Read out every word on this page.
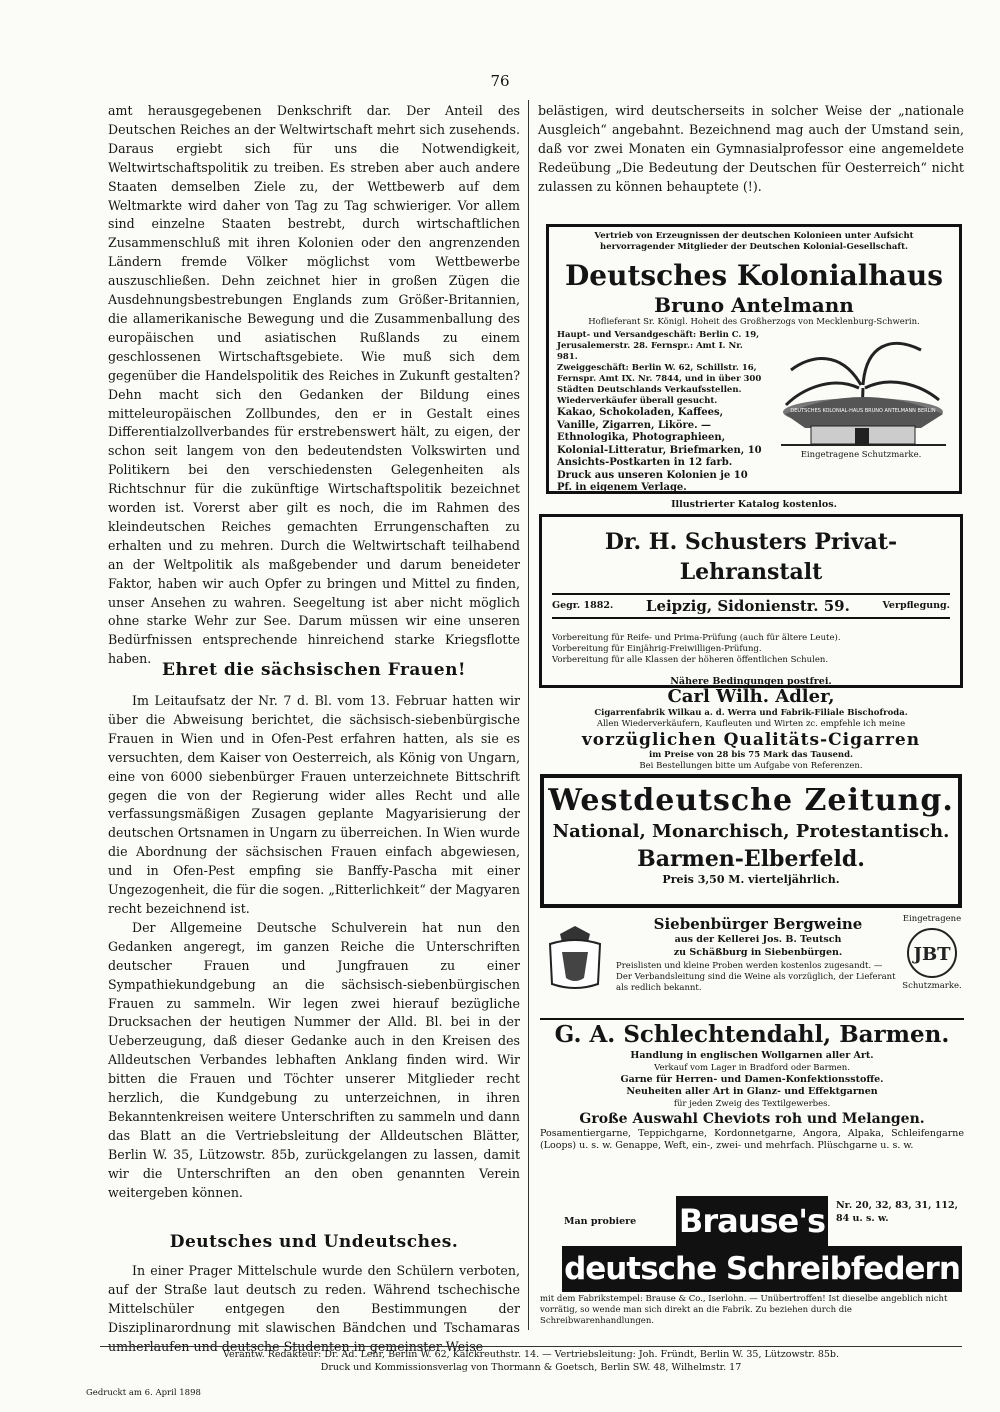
76

amt herausgegebenen Denkschrift dar. Der Anteil des Deutschen Reiches an der Weltwirtschaft mehrt sich zusehends. Daraus ergiebt sich für uns die Notwendigkeit, Weltwirtschaftspolitik zu treiben. Es streben aber auch andere Staaten demselben Ziele zu, der Wettbewerb auf dem Weltmarkte wird daher von Tag zu Tag schwieriger. Vor allem sind einzelne Staaten bestrebt, durch wirtschaftlichen Zusammenschluß mit ihren Kolonien oder den angrenzenden Ländern fremde Völker möglichst vom Wettbewerbe auszuschließen. Dehn zeichnet hier in großen Zügen die Ausdehnungsbestrebungen Englands zum Größer-Britannien, die allamerikanische Bewegung und die Zusammenballung des europäischen und asiatischen Rußlands zu einem geschlossenen Wirtschaftsgebiete. Wie muß sich dem gegenüber die Handelspolitik des Reiches in Zukunft gestalten? Dehn macht sich den Gedanken der Bildung eines mitteleuropäischen Zollbundes, den er in Gestalt eines Differentialzollverbandes für erstrebenswert hält, zu eigen, der schon seit langem von den bedeutendsten Volkswirten und Politikern bei den verschiedensten Gelegenheiten als Richtschnur für die zukünftige Wirtschaftspolitik bezeichnet worden ist. Vorerst aber gilt es noch, die im Rahmen des kleindeutschen Reiches gemachten Errungenschaften zu erhalten und zu mehren. Durch die Weltwirtschaft teilhabend an der Weltpolitik als maßgebender und darum beneideter Faktor, haben wir auch Opfer zu bringen und Mittel zu finden, unser Ansehen zu wahren. Seegeltung ist aber nicht möglich ohne starke Wehr zur See. Darum müssen wir eine unseren Bedürfnissen entsprechende hinreichend starke Kriegsflotte haben.

Ehret die sächsischen Frauen!

Im Leitaufsatz der Nr. 7 d. Bl. vom 13. Februar hatten wir über die Abweisung berichtet, die sächsisch-siebenbürgische Frauen in Wien und in Ofen-Pest erfahren hatten, als sie es versuchten, dem Kaiser von Oesterreich, als König von Ungarn, eine von 6000 siebenbürger Frauen unterzeichnete Bittschrift gegen die von der Regierung wider alles Recht und alle verfassungsmäßigen Zusagen geplante Magyarisierung der deutschen Ortsnamen in Ungarn zu überreichen. In Wien wurde die Abordnung der sächsischen Frauen einfach abgewiesen, und in Ofen-Pest empfing sie Banffy-Pascha mit einer Ungezogenheit, die für die sogen. „Ritterlichkeit“ der Magyaren recht bezeichnend ist.

Der Allgemeine Deutsche Schulverein hat nun den Gedanken angeregt, im ganzen Reiche die Unterschriften deutscher Frauen und Jungfrauen zu einer Sympathiekundgebung an die sächsisch-siebenbürgischen Frauen zu sammeln. Wir legen zwei hierauf bezügliche Drucksachen der heutigen Nummer der Alld. Bl. bei in der Ueberzeugung, daß dieser Gedanke auch in den Kreisen des Alldeutschen Verbandes lebhaften Anklang finden wird. Wir bitten die Frauen und Töchter unserer Mitglieder recht herzlich, die Kundgebung zu unterzeichnen, in ihren Bekanntenkreisen weitere Unterschriften zu sammeln und dann das Blatt an die Vertriebsleitung der Alldeutschen Blätter, Berlin W. 35, Lützowstr. 85b, zurückgelangen zu lassen, damit wir die Unterschriften an den oben genannten Verein weitergeben können.

Deutsches und Undeutsches.

In einer Prager Mittelschule wurde den Schülern verboten, auf der Straße laut deutsch zu reden. Während tschechische Mittelschüler entgegen den Bestimmungen der Disziplinarordnung mit slawischen Bändchen und Tschamaras umherlaufen und deutsche Studenten in gemeinster Weise

belästigen, wird deutscherseits in solcher Weise der „nationale Ausgleich“ angebahnt. Bezeichnend mag auch der Umstand sein, daß vor zwei Monaten ein Gymnasialprofessor eine angemeldete Redeübung „Die Bedeutung der Deutschen für Oesterreich“ nicht zulassen zu können behauptete (!).

Vertrieb von Erzeugnissen der deutschen Kolonieen unter Aufsicht hervorragender Mitglieder der Deutschen Kolonial-Gesellschaft.
Deutsches Kolonialhaus
Bruno Antelmann
Hoflieferant Sr. Königl. Hoheit des Großherzogs von Mecklenburg-Schwerin.
Haupt- und Versandgeschäft: Berlin C. 19, Jerusalemerstr. 28. Fernspr.: Amt I. Nr. 981.
Zweiggeschäft: Berlin W. 62, Schillstr. 16, Fernspr. Amt IX. Nr. 7844, und in über 300 Städten Deutschlands Verkaufsstellen.
Wiederverkäufer überall gesucht.
Kakao, Schokoladen, Kaffees, Vanille, Zigarren, Liköre. — Ethnologika, Photographieen, Kolonial-Litteratur, Briefmarken, 10 Ansichts-Postkarten in 12 farb. Druck aus unseren Kolonien je 10 Pf. in eigenem Verlage.
DEUTSCHES KOLONIAL-HAUS BRUNO ANTELMANN BERLIN
Eingetragene Schutzmarke.
Illustrierter Katalog kostenlos.
Dr. H. Schusters Privat-Lehranstalt
Gegr. 1882. Leipzig, Sidonienstr. 59.	Verpflegung.
Vorbereitung für Reife- und Prima-Prüfung (auch für ältere Leute).
Vorbereitung für Einjährig-Freiwilligen-Prüfung.
Vorbereitung für alle Klassen der höheren öffentlichen Schulen.
Nähere Bedingungen postfrei.
Carl Wilh. Adler,
Cigarrenfabrik Wilkau a. d. Werra und Fabrik-Filiale Bischofroda.
Allen Wiederverkäufern, Kaufleuten und Wirten zc. empfehle ich meine
vorzüglichen Qualitäts-Cigarren
im Preise von 28 bis 75 Mark das Tausend.
Bei Bestellungen bitte um Aufgabe von Referenzen.
Westdeutsche Zeitung.
National, Monarchisch, Protestantisch.
Barmen-Elberfeld.
Preis 3,50 M. vierteljährlich.
Siebenbürger Bergweine
aus der Kellerei Jos. B. Teutsch
zu Schäßburg in Siebenbürgen.
Preislisten und kleine Proben werden kostenlos zugesandt. — Der Verbandsleitung sind die Weine als vorzüglich, der Lieferant als redlich bekannt.
Eingetragene
JBT
Schutzmarke.
G. A. Schlechtendahl, Barmen.
Handlung in englischen Wollgarnen aller Art.
Verkauf vom Lager in Bradford oder Barmen.
Garne für Herren- und Damen-Konfektionsstoffe.
Neuheiten aller Art in Glanz- und Effektgarnen
für jeden Zweig des Textilgewerbes.
Große Auswahl Cheviots roh und Melangen.
Posamentiergarne, Teppichgarne, Kordonnetgarne, Angora, Alpaka, Schleifengarne (Loops) u. s. w. Genappe, Weft, ein-, zwei- und mehrfach. Plüschgarne u. s. w.
Man probiere Brause's	Nr. 20, 32, 83, 31, 112, 84 u. s. w.
deutsche Schreibfedern
mit dem Fabrikstempel: Brause & Co., Iserlohn. — Unübertroffen! Ist dieselbe angeblich nicht vorrätig, so wende man sich direkt an die Fabrik. Zu beziehen durch die Schreibwarenhandlungen.
Verantw. Redakteur: Dr. Ad. Lehr, Berlin W. 62, Kalckreuthstr. 14. — Vertriebsleitung: Joh. Fründt, Berlin W. 35, Lützowstr. 85b.
Druck und Kommissionsverlag von Thormann & Goetsch, Berlin SW. 48, Wilhelmstr. 17
Gedruckt am 6. April 1898
